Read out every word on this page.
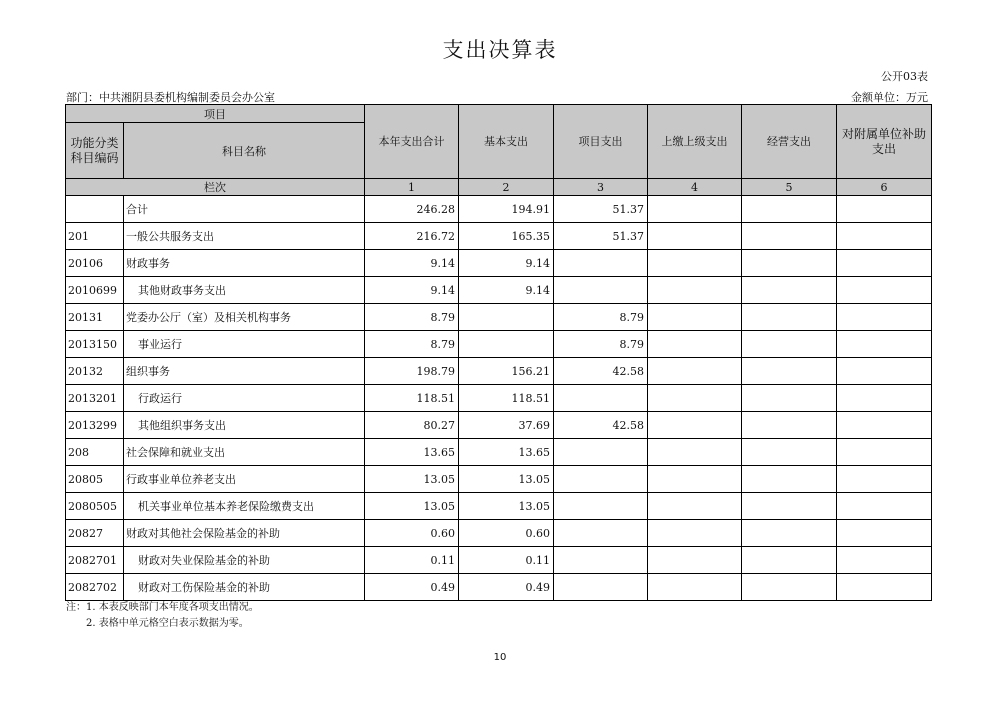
支出决算表
公开03表
部门：中共湘阴县委机构编制委员会办公室	金额单位：万元
项目		本年支出合计	基本支出	项目支出	上缴上级支出	经营支出	对附属单位补助支出
功能分类科目编码	科目名称						
栏次		1	2	3	4	5	6
	合计	246.28	194.91	51.37			
201	一般公共服务支出	216.72	165.35	51.37			
20106	财政事务	9.14	9.14				
2010699	其他财政事务支出	9.14	9.14				
20131	党委办公厅（室）及相关机构事务	8.79		8.79			
2013150	事业运行	8.79		8.79			
20132	组织事务	198.79	156.21	42.58			
2013201	行政运行	118.51	118.51				
2013299	其他组织事务支出	80.27	37.69	42.58			
208	社会保障和就业支出	13.65	13.65				
20805	行政事业单位养老支出	13.05	13.05				
2080505	机关事业单位基本养老保险缴费支出	13.05	13.05				
20827	财政对其他社会保险基金的补助	0.60	0.60				
2082701	财政对失业保险基金的补助	0.11	0.11				
2082702	财政对工伤保险基金的补助	0.49	0.49				
注：1. 本表反映部门本年度各项支出情况。
2. 表格中单元格空白表示数据为零。
10
